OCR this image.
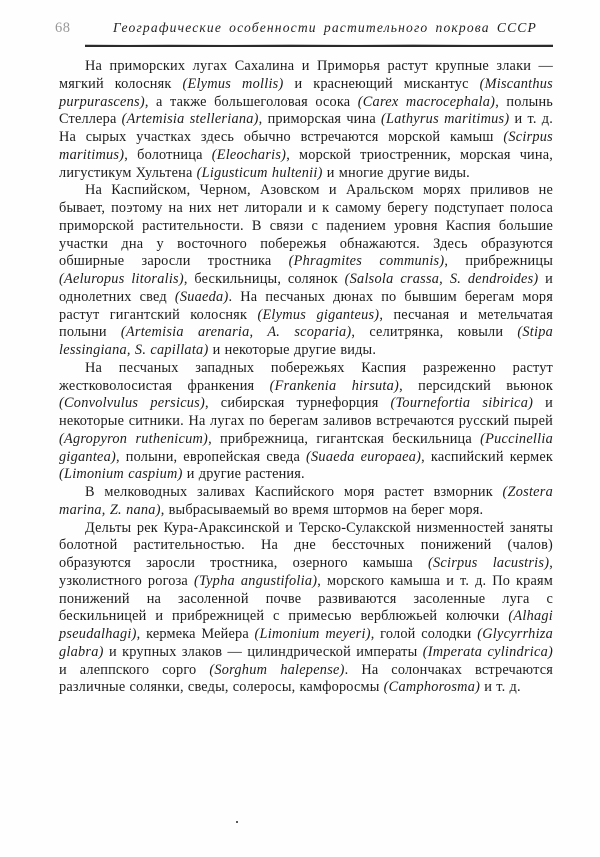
68	Географические особенности растительного покрова СССР

На приморских лугах Сахалина и Приморья растут крупные злаки — мягкий колосняк (Elymus mollis) и краснеющий мискантус (Miscanthus purpurascens), а также большеголовая осока (Carex macrocephala), полынь Стеллера (Artemisia stelleriana), приморская чина (Lathyrus maritimus) и т. д. На сырых участках здесь обычно встречаются морской камыш (Scirpus maritimus), болотница (Eleocharis), морской триостренник, морская чина, лигустикум Хультена (Ligusticum hultenii) и многие другие виды.

На Каспийском, Черном, Азовском и Аральском морях приливов не бывает, поэтому на них нет литорали и к самому берегу подступает полоса приморской растительности. В связи с падением уровня Каспия большие участки дна у восточного побережья обнажаются. Здесь образуются обширные заросли тростника (Phragmites communis), прибрежницы (Aeluropus litoralis), бескильницы, солянок (Salsola crassa, S. dendroides) и однолетних свед (Suaeda). На песчаных дюнах по бывшим берегам моря растут гигантский колосняк (Elymus giganteus), песчаная и метельчатая полыни (Artemisia arenaria, A. scoparia), селитрянка, ковыли (Stipa lessingiana, S. capillata) и некоторые другие виды.

На песчаных западных побережьях Каспия разреженно растут жестковолосистая франкения (Frankenia hirsuta), персидский вьюнок (Convolvulus persicus), сибирская турнефорция (Tournefortia sibirica) и некоторые ситники. На лугах по берегам заливов встречаются русский пырей (Agropyron ruthenicum), прибрежница, гигантская бескильница (Puccinellia gigantea), полыни, европейская сведа (Suaeda europaea), каспийский кермек (Limonium caspium) и другие растения.

В мелководных заливах Каспийского моря растет взморник (Zostera marina, Z. nana), выбрасываемый во время штормов на берег моря.

Дельты рек Кура-Араксинской и Терско-Сулакской низменностей заняты болотной растительностью. На дне бессточных понижений (чалов) образуются заросли тростника, озерного камыша (Scirpus lacustris), узколистного рогоза (Typha angustifolia), морского камыша и т. д. По краям понижений на засоленной почве развиваются засоленные луга с бескильницей и прибрежницей с примесью верблюжьей колючки (Alhagi pseudalhagi), кермека Мейера (Limonium meyeri), голой солодки (Glycyrrhiza glabra) и крупных злаков — цилиндрической императы (Imperata cylindrica) и алеппского сорго (Sorghum halepense). На солончаках встречаются различные солянки, сведы, солеросы, камфоросмы (Camphorosma) и т. д.
